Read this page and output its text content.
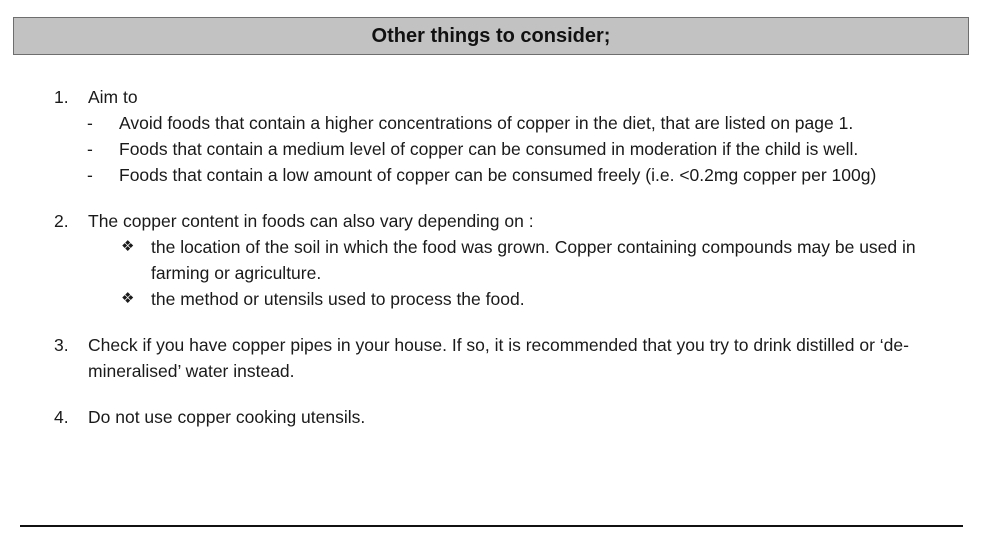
Other things to consider;
1. Aim to
- Avoid foods that contain a higher concentrations of copper in the diet, that are listed on page 1.
- Foods that contain a medium level of copper can be consumed in moderation if the child is well.
- Foods that contain a low amount of copper can be consumed freely (i.e. <0.2mg copper per 100g)
2. The copper content in foods can also vary depending on :
❖ the location of the soil in which the food was grown. Copper containing compounds may be used in farming or agriculture.
❖ the method or utensils used to process the food.
3. Check if you have copper pipes in your house. If so, it is recommended that you try to drink distilled or ‘de-mineralised’ water instead.
4. Do not use copper cooking utensils.
